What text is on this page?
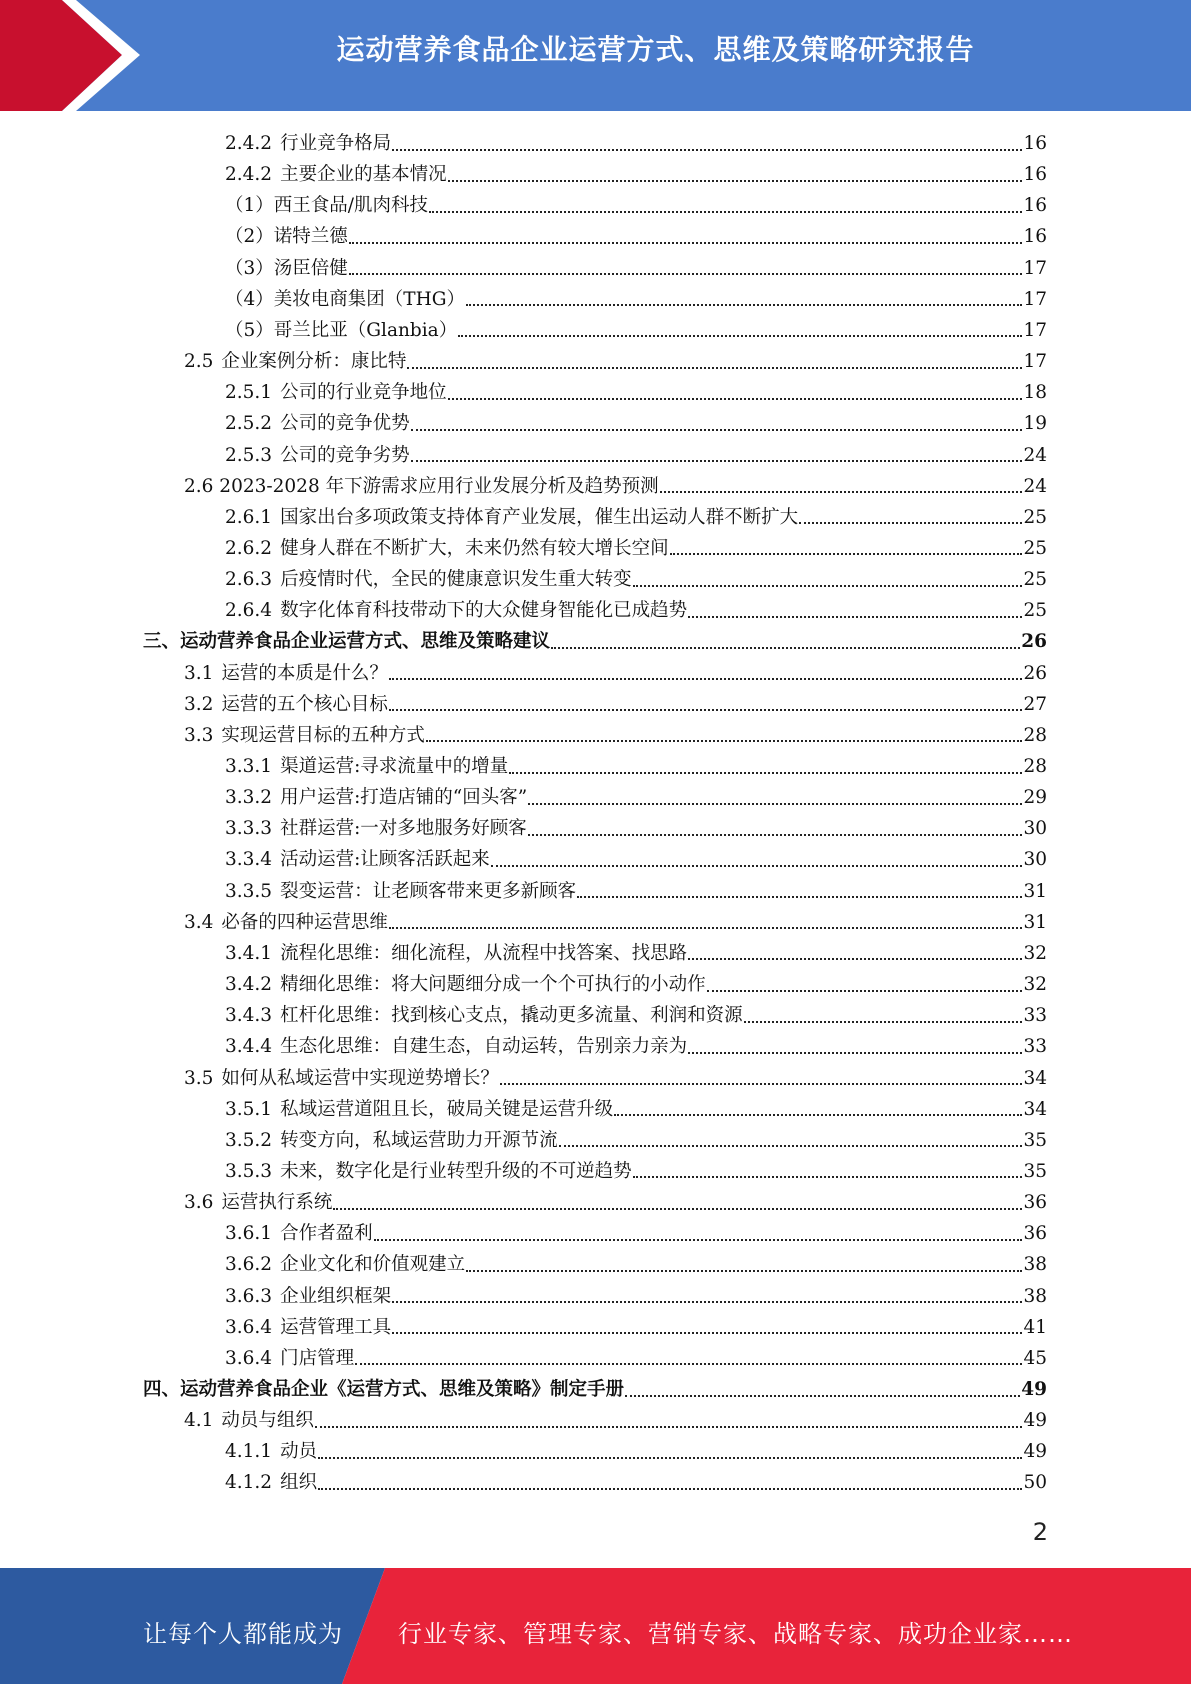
运动营养食品企业运营方式、思维及策略研究报告
2.4.2 行业竞争格局	16
2.4.2 主要企业的基本情况	16
（1）西王食品/肌肉科技	16
（2）诺特兰德	16
（3）汤臣倍健	17
（4）美妆电商集团（THG）	17
（5）哥兰比亚（Glanbia）	17
2.5 企业案例分析：康比特	17
2.5.1 公司的行业竞争地位	18
2.5.2 公司的竞争优势	19
2.5.3 公司的竞争劣势	24
2.6 2023-2028 年下游需求应用行业发展分析及趋势预测	24
2.6.1 国家出台多项政策支持体育产业发展，催生出运动人群不断扩大	25
2.6.2 健身人群在不断扩大，未来仍然有较大增长空间	25
2.6.3 后疫情时代，全民的健康意识发生重大转变	25
2.6.4 数字化体育科技带动下的大众健身智能化已成趋势	25
三、运动营养食品企业运营方式、思维及策略建议	26
3.1 运营的本质是什么？	26
3.2 运营的五个核心目标	27
3.3 实现运营目标的五种方式	28
3.3.1 渠道运营:寻求流量中的增量	28
3.3.2 用户运营:打造店铺的“回头客”	29
3.3.3 社群运营:一对多地服务好顾客	30
3.3.4 活动运营:让顾客活跃起来	30
3.3.5 裂变运营：让老顾客带来更多新顾客	31
3.4 必备的四种运营思维	31
3.4.1 流程化思维：细化流程，从流程中找答案、找思路	32
3.4.2 精细化思维：将大问题细分成一个个可执行的小动作	32
3.4.3 杠杆化思维：找到核心支点，撬动更多流量、利润和资源	33
3.4.4 生态化思维：自建生态，自动运转，告别亲力亲为	33
3.5 如何从私域运营中实现逆势增长？	34
3.5.1 私域运营道阻且长，破局关键是运营升级	34
3.5.2 转变方向，私域运营助力开源节流	35
3.5.3 未来，数字化是行业转型升级的不可逆趋势	35
3.6 运营执行系统	36
3.6.1 合作者盈利	36
3.6.2 企业文化和价值观建立	38
3.6.3 企业组织框架	38
3.6.4 运营管理工具	41
3.6.4 门店管理	45
四、运动营养食品企业《运营方式、思维及策略》制定手册	49
4.1 动员与组织	49
4.1.1 动员	49
4.1.2 组织	50
2
让每个人都能成为 行业专家、管理专家、营销专家、战略专家、成功企业家……
